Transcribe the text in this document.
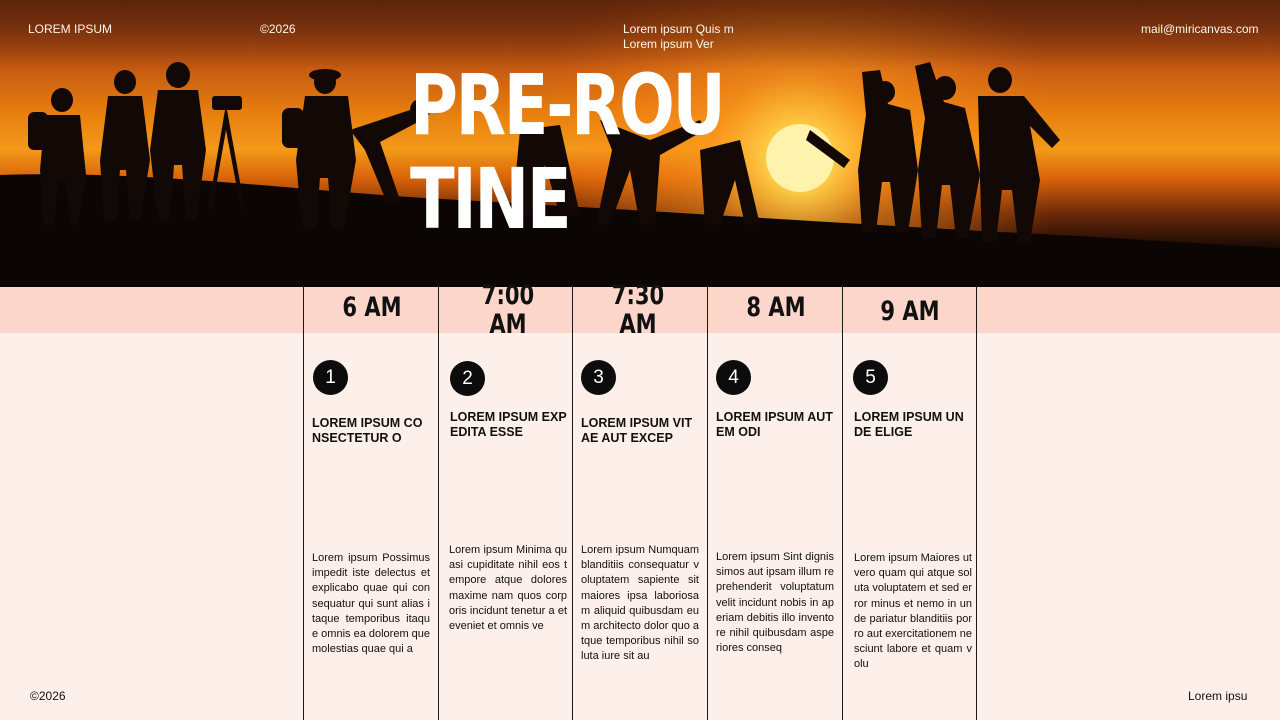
LOREM IPSUM	©2026	Lorem ipsum Quis m
Lorem ipsum Ver
mail@miricanvas.com
PRE-ROUTINE
6 AM
1
LOREM IPSUM CONSECTETUR O
Lorem ipsum Possimus impedit iste delectus et explicabo quae qui consequatur qui sunt alias itaque temporibus itaque omnis ea dolorem que molestias quae qui a
7:00 AM
2
LOREM IPSUM EXPEDITA ESSE
Lorem ipsum Minima quasi cupiditate nihil eos tempore atque dolores maxime nam quos corporis incidunt tenetur a et eveniet et omnis ve
7:30 AM
3
LOREM IPSUM VITAE AUT EXCEP
Lorem ipsum Numquam blanditiis consequatur voluptatem sapiente sit maiores ipsa laboriosam aliquid quibusdam eum architecto dolor quo atque temporibus nihil soluta iure sit au
8 AM
4
LOREM IPSUM AUTEM ODI
Lorem ipsum Sint dignissimos aut ipsam illum reprehenderit voluptatum velit incidunt nobis in aperiam debitis illo inventore nihil quibusdam asperiores conseq
9 AM
5
LOREM IPSUM UNDE ELIGE
Lorem ipsum Maiores ut vero quam qui atque soluta voluptatem et sed error minus et nemo in unde pariatur blanditiis porro aut exercitationem nesciunt labore et quam volu
©2026	Lorem ipsu
